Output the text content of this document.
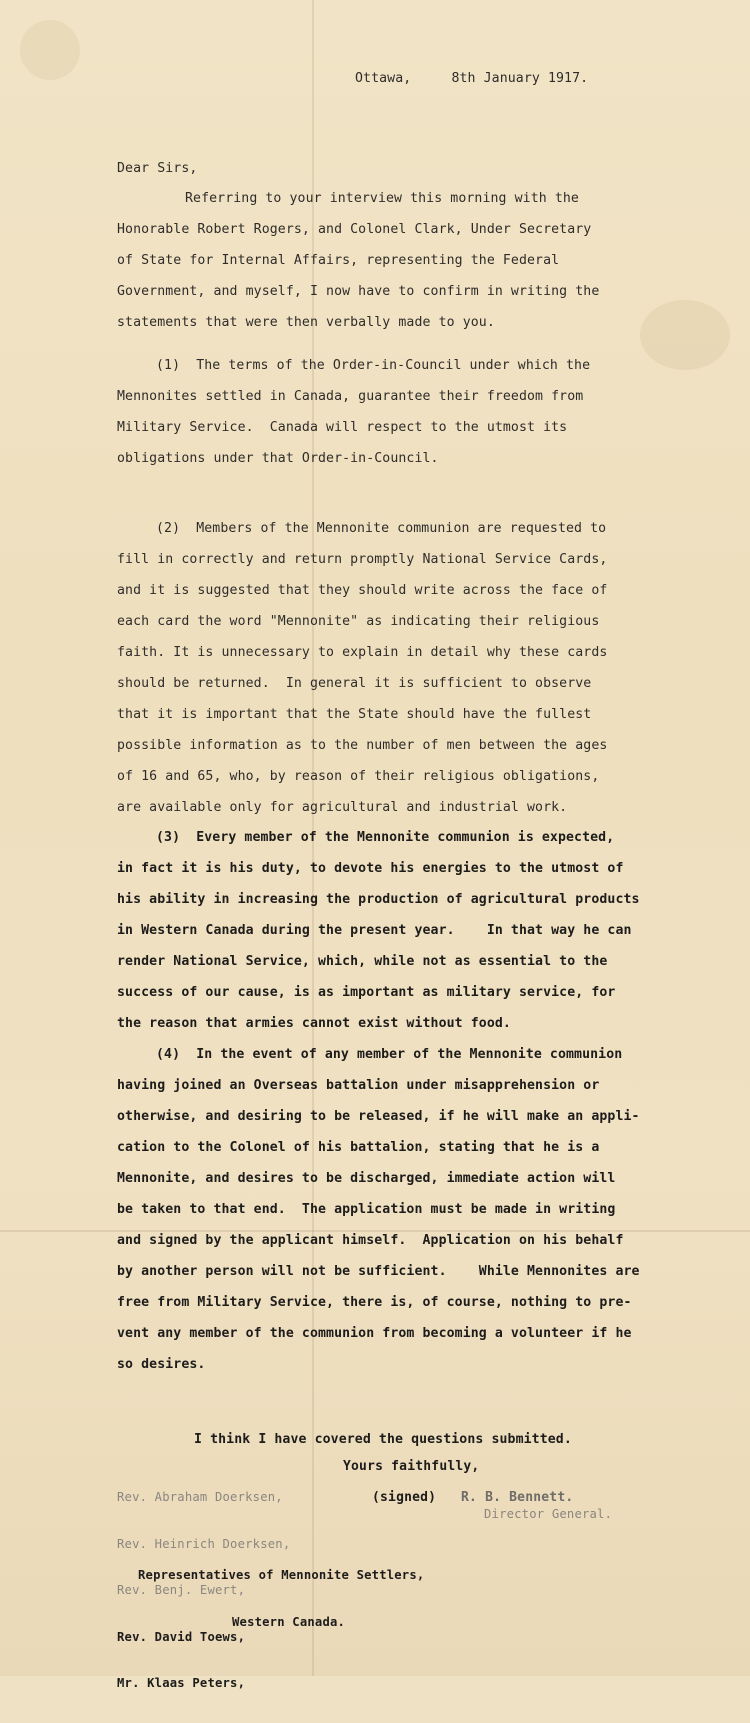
Ottawa,     8th January 1917.
Dear Sirs,
Referring to your interview this morning with the
Honorable Robert Rogers, and Colonel Clark, Under Secretary
of State for Internal Affairs, representing the Federal
Government, and myself, I now have to confirm in writing the
statements that were then verbally made to you.
(1)  The terms of the Order-in-Council under which the
Mennonites settled in Canada, guarantee their freedom from
Military Service.  Canada will respect to the utmost its
obligations under that Order-in-Council.
(2)  Members of the Mennonite communion are requested to
fill in correctly and return promptly National Service Cards,
and it is suggested that they should write across the face of
each card the word "Mennonite" as indicating their religious
faith. It is unnecessary to explain in detail why these cards
should be returned.  In general it is sufficient to observe
that it is important that the State should have the fullest
possible information as to the number of men between the ages
of 16 and 65, who, by reason of their religious obligations,
are available only for agricultural and industrial work.
(3)  Every member of the Mennonite communion is expected,
in fact it is his duty, to devote his energies to the utmost of
his ability in increasing the production of agricultural products
in Western Canada during the present year.    In that way he can
render National Service, which, while not as essential to the
success of our cause, is as important as military service, for
the reason that armies cannot exist without food.
(4)  In the event of any member of the Mennonite communion
having joined an Overseas battalion under misapprehension or
otherwise, and desiring to be released, if he will make an appli-
cation to the Colonel of his battalion, stating that he is a
Mennonite, and desires to be discharged, immediate action will
be taken to that end.  The application must be made in writing
and signed by the applicant himself.  Application on his behalf
by another person will not be sufficient.    While Mennonites are
free from Military Service, there is, of course, nothing to pre-
vent any member of the communion from becoming a volunteer if he
so desires.
I think I have covered the questions submitted.

Rev. Abraham Doerksen,

Rev. Heinrich Doerksen,

Rev. Benj. Ewert,

Rev. David Toews,

Mr. Klaas Peters,

Representatives of Mennonite Settlers,

Western Canada.

Yours faithfully,
(signed) R. B. Bennett.
Director General.
